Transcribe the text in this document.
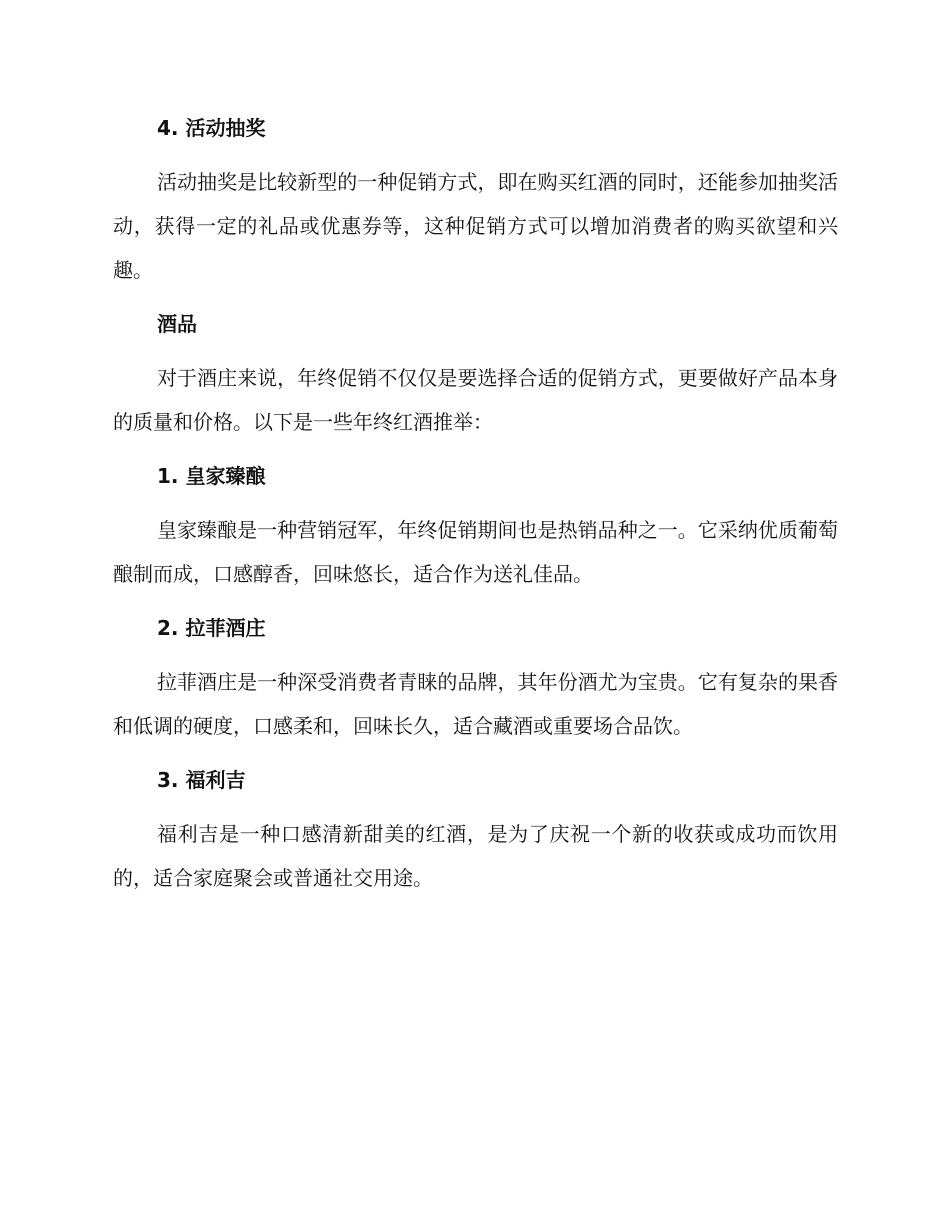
4. 活动抽奖

活动抽奖是比较新型的一种促销方式，即在购买红酒的同时，还能参加抽奖活动，获得一定的礼品或优惠券等，这种促销方式可以增加消费者的购买欲望和兴趣。

酒品

对于酒庄来说，年终促销不仅仅是要选择合适的促销方式，更要做好产品本身的质量和价格。以下是一些年终红酒推举：

1. 皇家臻酿

皇家臻酿是一种营销冠军，年终促销期间也是热销品种之一。它采纳优质葡萄酿制而成，口感醇香，回味悠长，适合作为送礼佳品。

2. 拉菲酒庄

拉菲酒庄是一种深受消费者青睐的品牌，其年份酒尤为宝贵。它有复杂的果香和低调的硬度，口感柔和，回味长久，适合藏酒或重要场合品饮。

3. 福利吉

福利吉是一种口感清新甜美的红酒，是为了庆祝一个新的收获或成功而饮用的，适合家庭聚会或普通社交用途。
